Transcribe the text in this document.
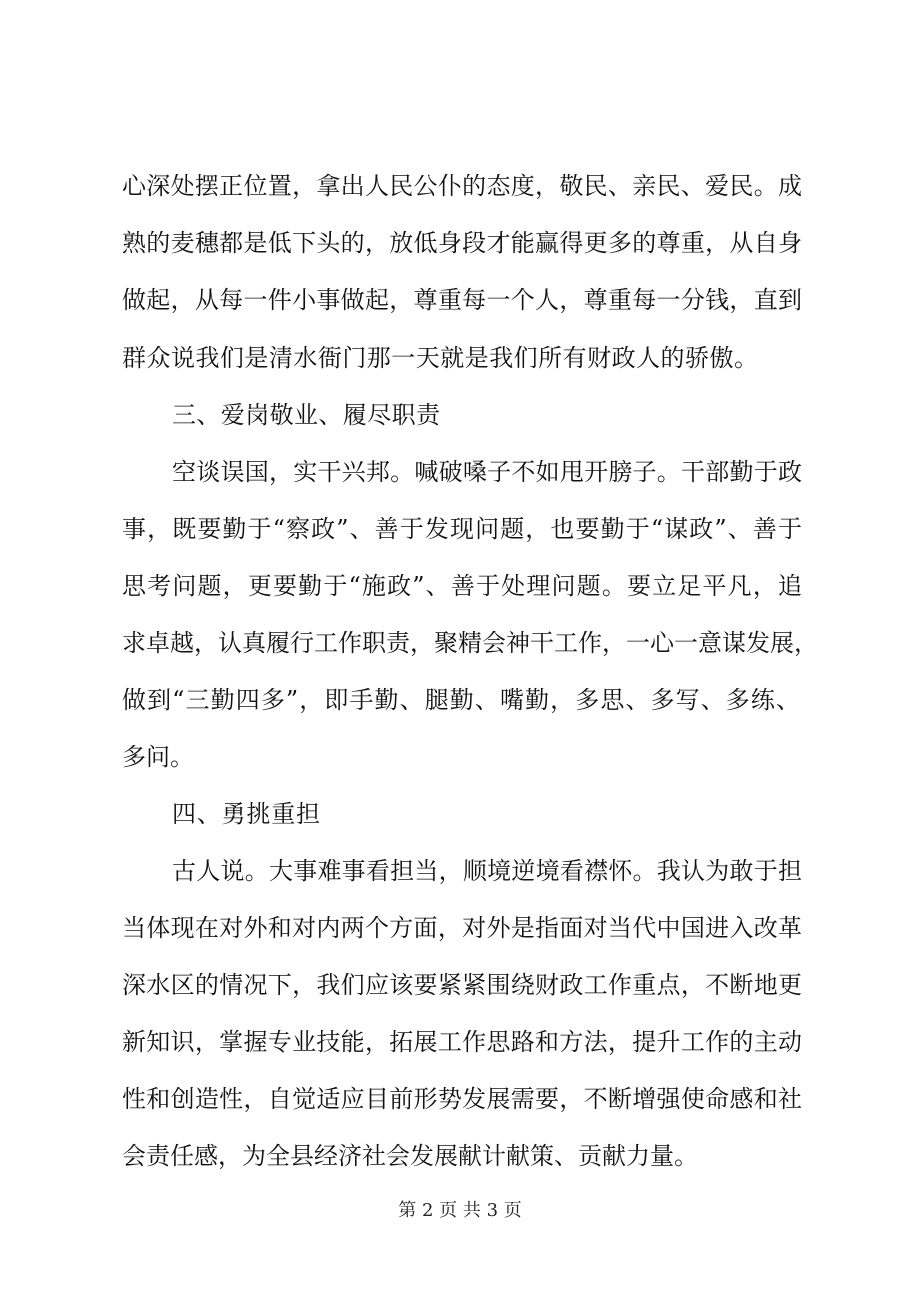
心深处摆正位置，拿出人民公仆的态度，敬民、亲民、爱民。成
熟的麦穗都是低下头的，放低身段才能赢得更多的尊重，从自身
做起，从每一件小事做起，尊重每一个人，尊重每一分钱，直到
群众说我们是清水衙门那一天就是我们所有财政人的骄傲。
三、爱岗敬业、履尽职责
空谈误国，实干兴邦。喊破嗓子不如甩开膀子。干部勤于政
事，既要勤于“察政”、善于发现问题，也要勤于“谋政”、善于
思考问题，更要勤于“施政”、善于处理问题。要立足平凡，追
求卓越，认真履行工作职责，聚精会神干工作，一心一意谋发展，
做到“三勤四多”，即手勤、腿勤、嘴勤，多思、多写、多练、
多问。
四、勇挑重担
古人说。大事难事看担当，顺境逆境看襟怀。我认为敢于担
当体现在对外和对内两个方面，对外是指面对当代中国进入改革
深水区的情况下，我们应该要紧紧围绕财政工作重点，不断地更
新知识，掌握专业技能，拓展工作思路和方法，提升工作的主动
性和创造性，自觉适应目前形势发展需要，不断增强使命感和社
会责任感，为全县经济社会发展献计献策、贡献力量。
第 2 页 共 3 页
